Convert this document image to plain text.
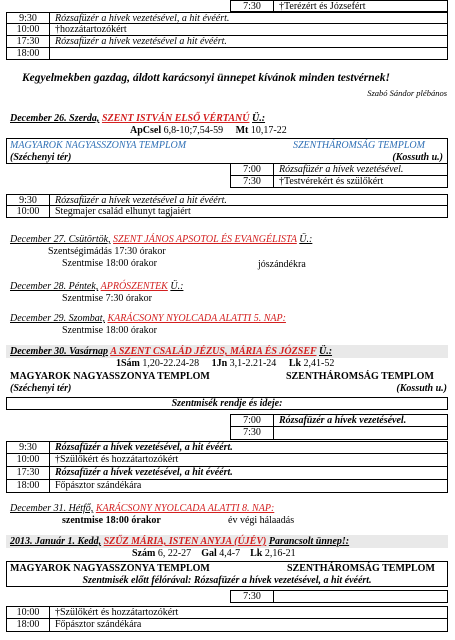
7:30	†Terézért és Józsefért
9:30	Rózsafüzér a hívek vezetésével, a hit évéért.
10:00	†hozzátartozókért
17:30	Rózsafüzér a hívek vezetésével a hit évéért.
18:00
Kegyelmekben gazdag, áldott karácsonyi ünnepet kívánok minden testvérnek!
Szabó Sándor plébános
December 26. Szerda, SZENT ISTVÁN ELSŐ VÉRTANÚ Ü.:
ApCsel 6,8-10;7,54-59 Mt 10,17-22
MAGYAROK NAGYASSZONYA TEMPLOM	SZENTHÁROMSÁG TEMPLOM
(Széchenyi tér)	(Kossuth u.)
7:00	Rózsafüzér a hívek vezetésével.
7:30	†Testvérekért és szülőkért
9:30	Rózsafüzér a hívek vezetésével a hit évéért.
10:00	Stegmajer család elhunyt tagjaiért
December 27. Csütörtök, SZENT JÁNOS APSOTOL ÉS EVANGÉLISTA Ü.:
Szentségimádás 17:30 órakor
Szentmise 18:00 órakor	jószándékra
December 28. Péntek, APRÓSZENTEK Ü.:
Szentmise 7:30 órakor
December 29. Szombat, KARÁCSONY NYOLCADA ALATTI 5. NAP:
Szentmise 18:00 órakor
December 30. Vasárnap A SZENT CSALÁD JÉZUS, MÁRIA ÉS JÓZSEF Ü.:
1Sám 1,20-22.24-28 1Jn 3,1-2.21-24 Lk 2,41-52
MAGYAROK NAGYASSZONYA TEMPLOM	SZENTHÁROMSÁG TEMPLOM
(Széchenyi tér)	(Kossuth u.)
Szentmisék rendje és ideje:
7:00	Rózsafüzér a hívek vezetésével.
7:30
9:30	Rózsafüzér a hívek vezetésével, a hit évéért.
10:00	†Szülőkért és hozzátartozókért
17:30	Rózsafüzér a hívek vezetésével, a hit évéért.
18:00	Főpásztor szándékára
December 31. Hétfő, KARÁCSONY NYOLCADA ALATTI 8. NAP:
szentmise 18:00 órakor	év végi hálaadás
2013. Január 1. Kedd, SZŰZ MÁRIA, ISTEN ANYJA (ÚJÉV) Parancsolt ünnep!:
Szám 6, 22-27 Gal 4,4-7 Lk 2,16-21
MAGYAROK NAGYASSZONYA TEMPLOM	SZENTHÁROMSÁG TEMPLOM
Szentmisék előtt félórával: Rózsafüzér a hívek vezetésével, a hit évéért.
7:30
10:00	†Szülőkért és hozzátartozókért
18:00	Főpásztor szándékára
